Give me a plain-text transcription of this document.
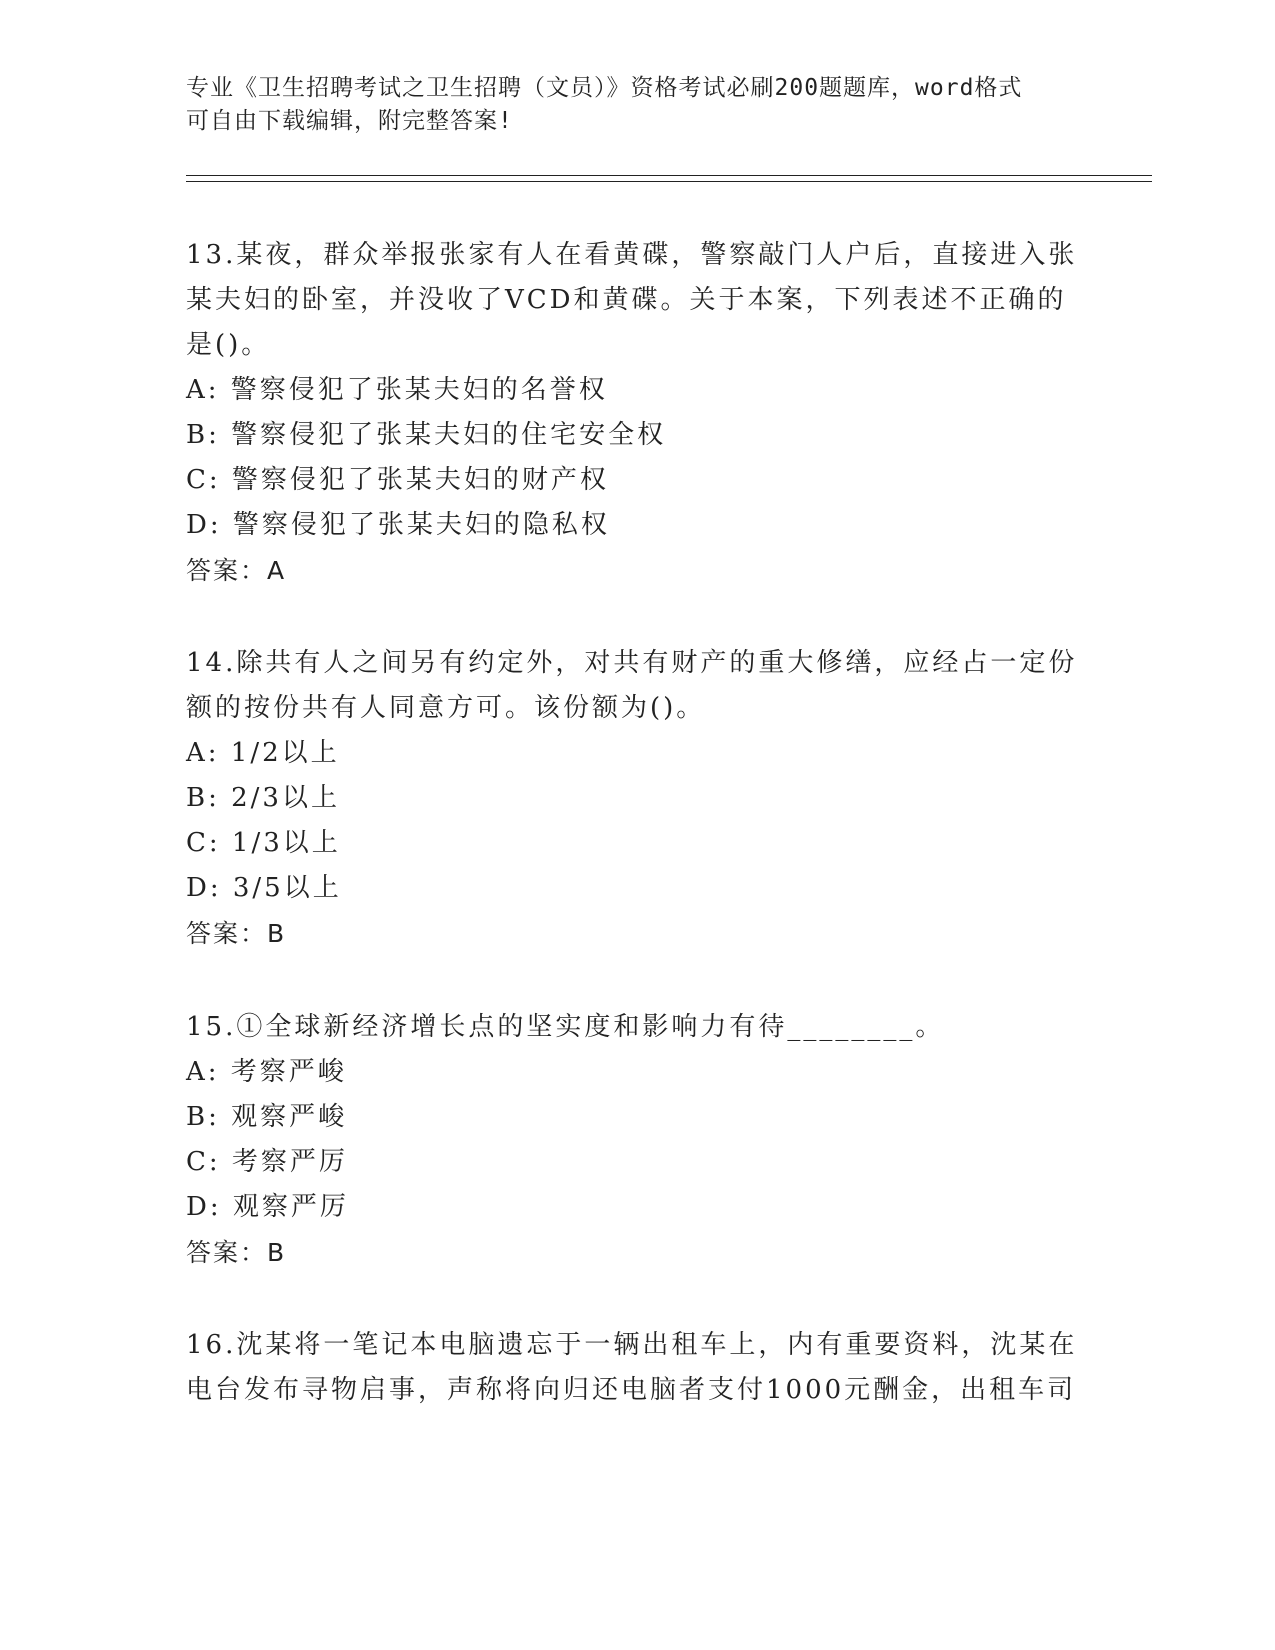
专业《卫生招聘考试之卫生招聘（文员）》资格考试必刷200题题库，word格式
可自由下载编辑，附完整答案!

13.某夜，群众举报张家有人在看黄碟，警察敲门人户后，直接进入张

某夫妇的卧室，并没收了VCD和黄碟。关于本案，下列表述不正确的

是()。

A: 警察侵犯了张某夫妇的名誉权

B: 警察侵犯了张某夫妇的住宅安全权

C: 警察侵犯了张某夫妇的财产权

D: 警察侵犯了张某夫妇的隐私权

答案：A

14.除共有人之间另有约定外，对共有财产的重大修缮，应经占一定份

额的按份共有人同意方可。该份额为()。

A: 1/2以上

B: 2/3以上

C: 1/3以上

D: 3/5以上

答案：B

15.①全球新经济增长点的坚实度和影响力有待________。

A: 考察严峻

B: 观察严峻

C: 考察严厉

D: 观察严厉

答案：B

16.沈某将一笔记本电脑遗忘于一辆出租车上，内有重要资料，沈某在

电台发布寻物启事，声称将向归还电脑者支付1000元酬金，出租车司
